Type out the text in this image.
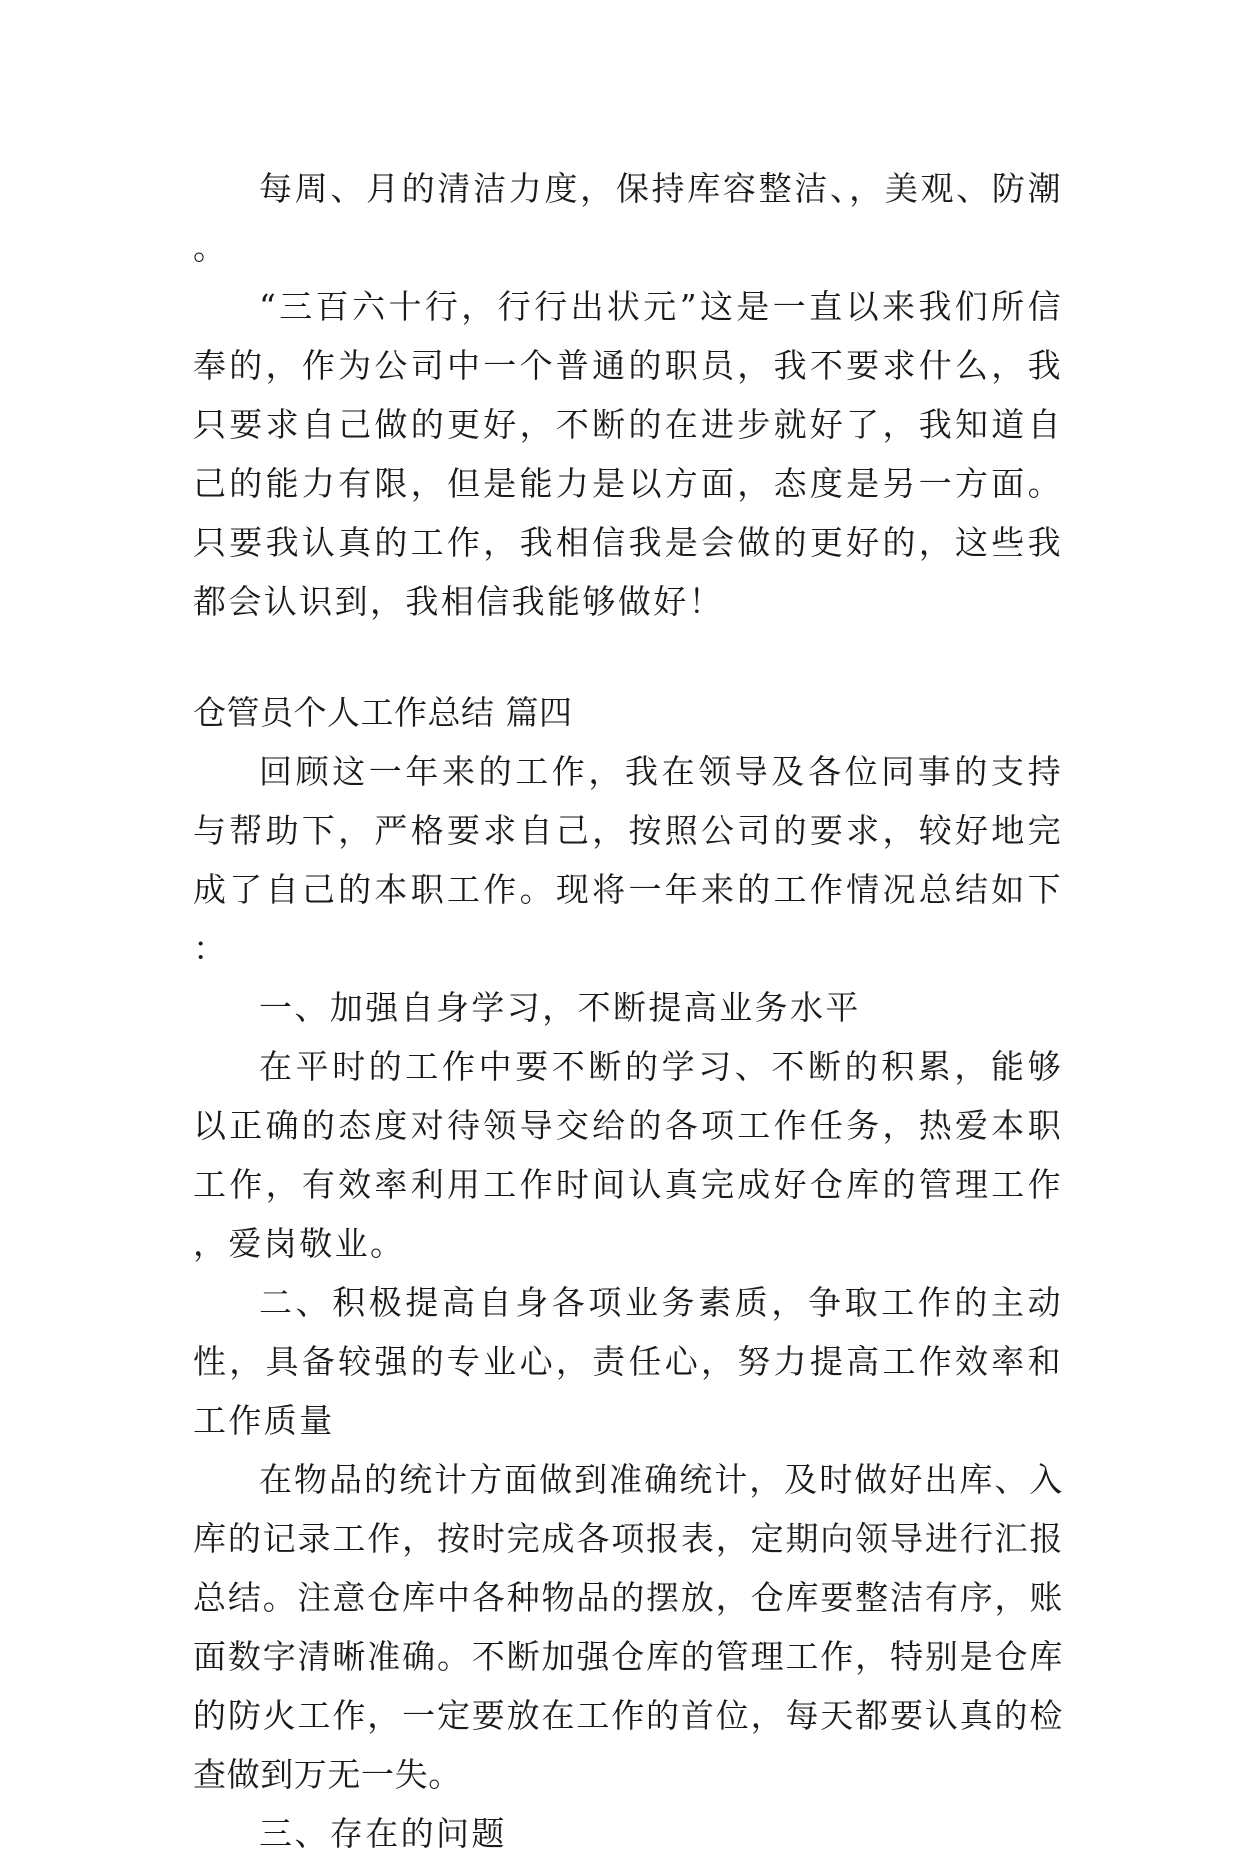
每周、月的清洁力度，保持库容整洁、，美观、防潮。

“三百六十行，行行出状元”这是一直以来我们所信奉的，作为公司中一个普通的职员，我不要求什么，我只要求自己做的更好，不断的在进步就好了，我知道自己的能力有限，但是能力是以方面，态度是另一方面。只要我认真的工作，我相信我是会做的更好的，这些我都会认识到，我相信我能够做好！

仓管员个人工作总结 篇四

回顾这一年来的工作，我在领导及各位同事的支持与帮助下，严格要求自己，按照公司的要求，较好地完成了自己的本职工作。现将一年来的工作情况总结如下：

一、加强自身学习，不断提高业务水平

在平时的工作中要不断的学习、不断的积累，能够以正确的态度对待领导交给的各项工作任务，热爱本职工作，有效率利用工作时间认真完成好仓库的管理工作，爱岗敬业。

二、积极提高自身各项业务素质，争取工作的主动性，具备较强的专业心，责任心，努力提高工作效率和工作质量

在物品的统计方面做到准确统计，及时做好出库、入库的记录工作，按时完成各项报表，定期向领导进行汇报总结。注意仓库中各种物品的摆放，仓库要整洁有序，账面数字清晰准确。不断加强仓库的管理工作，特别是仓库的防火工作，一定要放在工作的首位，每天都要认真的检查做到万无一失。

三、存在的问题
